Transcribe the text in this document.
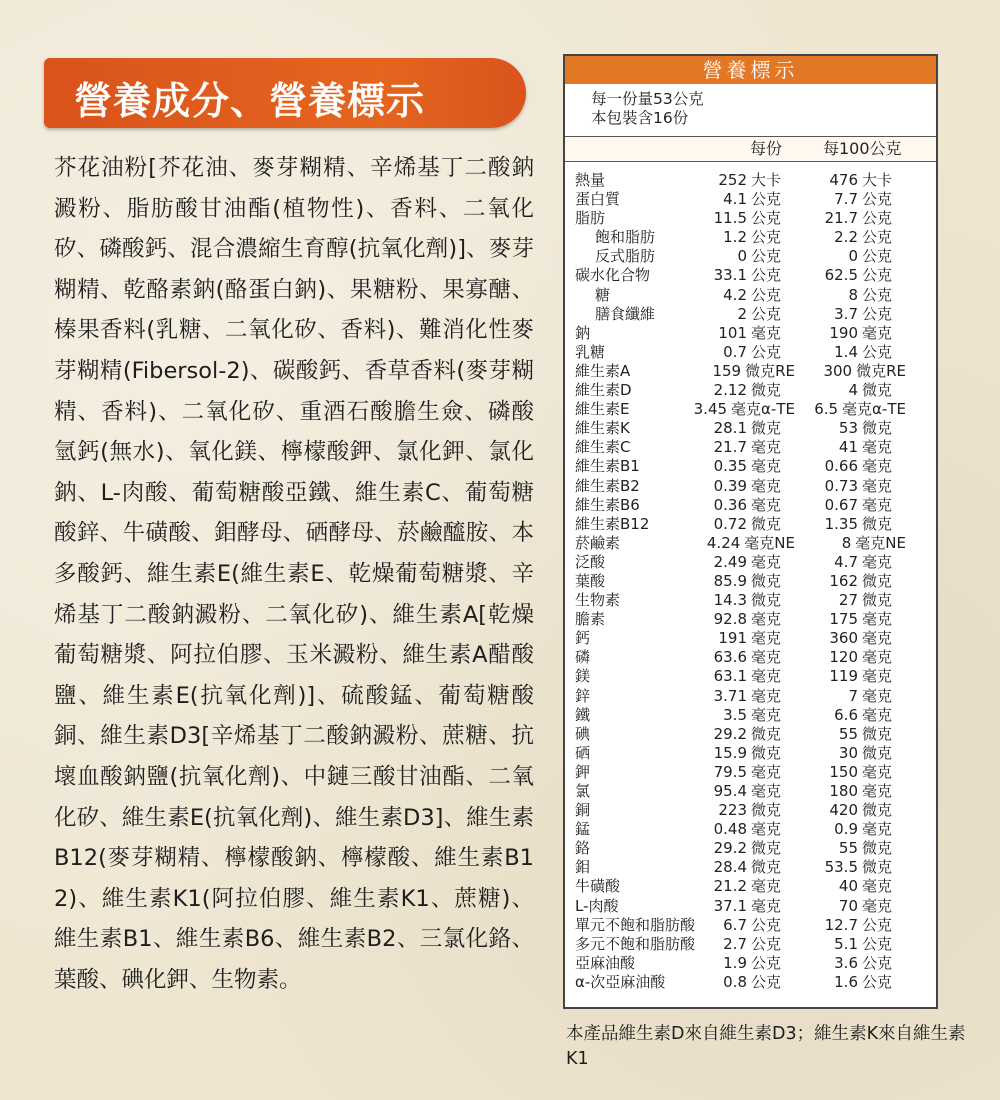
營養成分、營養標示
芥花油粉[芥花油、麥芽糊精、辛烯基丁二酸鈉澱粉、脂肪酸甘油酯(植物性)、香料、二氧化矽、磷酸鈣、混合濃縮生育醇(抗氧化劑)]、麥芽糊精、乾酪素鈉(酪蛋白鈉)、果糖粉、果寡醣、榛果香料(乳糖、二氧化矽、香料)、難消化性麥芽糊精(Fibersol-2)、碳酸鈣、香草香料(麥芽糊精、香料)、二氧化矽、重酒石酸膽生僉、磷酸氫鈣(無水)、氧化鎂、檸檬酸鉀、氯化鉀、氯化鈉、L-肉酸、葡萄糖酸亞鐵、維生素C、葡萄糖酸鋅、牛磺酸、鉬酵母、硒酵母、菸鹼醯胺、本多酸鈣、維生素E(維生素E、乾燥葡萄糖漿、辛烯基丁二酸鈉澱粉、二氧化矽)、維生素A[乾燥葡萄糖漿、阿拉伯膠、玉米澱粉、維生素A醋酸鹽、維生素E(抗氧化劑)]、硫酸錳、葡萄糖酸銅、維生素D3[辛烯基丁二酸鈉澱粉、蔗糖、抗壞血酸鈉鹽(抗氧化劑)、中鏈三酸甘油酯、二氧化矽、維生素E(抗氧化劑)、維生素D3]、維生素B12(麥芽糊精、檸檬酸鈉、檸檬酸、維生素B12)、維生素K1(阿拉伯膠、維生素K1、蔗糖)、維生素B1、維生素B6、維生素B2、三氯化鉻、葉酸、碘化鉀、生物素。
營養標示
每一份量53公克
本包裝含16份
每份	每100公克
熱量	252 大卡	476 大卡
蛋白質	4.1 公克	7.7 公克
脂肪	11.5 公克	21.7 公克
飽和脂肪	1.2 公克	2.2 公克
反式脂肪	0 公克	0 公克
碳水化合物	33.1 公克	62.5 公克
糖	4.2 公克	8 公克
膳食纖維	2 公克	3.7 公克
鈉	101 毫克	190 毫克
乳糖	0.7 公克	1.4 公克
維生素A	159 微克RE	300 微克RE
維生素D	2.12 微克	4 微克
維生素E	3.45 毫克α-TE	6.5 毫克α-TE
維生素K	28.1 微克	53 微克
維生素C	21.7 毫克	41 毫克
維生素B1	0.35 毫克	0.66 毫克
維生素B2	0.39 毫克	0.73 毫克
維生素B6	0.36 毫克	0.67 毫克
維生素B12	0.72 微克	1.35 微克
菸鹼素	4.24 毫克NE	8 毫克NE
泛酸	2.49 毫克	4.7 毫克
葉酸	85.9 微克	162 微克
生物素	14.3 微克	27 微克
膽素	92.8 毫克	175 毫克
鈣	191 毫克	360 毫克
磷	63.6 毫克	120 毫克
鎂	63.1 毫克	119 毫克
鋅	3.71 毫克	7 毫克
鐵	3.5 毫克	6.6 毫克
碘	29.2 微克	55 微克
硒	15.9 微克	30 微克
鉀	79.5 毫克	150 毫克
氯	95.4 毫克	180 毫克
銅	223 微克	420 微克
錳	0.48 毫克	0.9 毫克
鉻	29.2 微克	55 微克
鉬	28.4 微克	53.5 微克
牛磺酸	21.2 毫克	40 毫克
L-肉酸	37.1 毫克	70 毫克
單元不飽和脂肪酸	6.7 公克	12.7 公克
多元不飽和脂肪酸	2.7 公克	5.1 公克
亞麻油酸	1.9 公克	3.6 公克
α-次亞麻油酸	0.8 公克	1.6 公克
本產品維生素D來自維生素D3；維生素K來自維生素K1
